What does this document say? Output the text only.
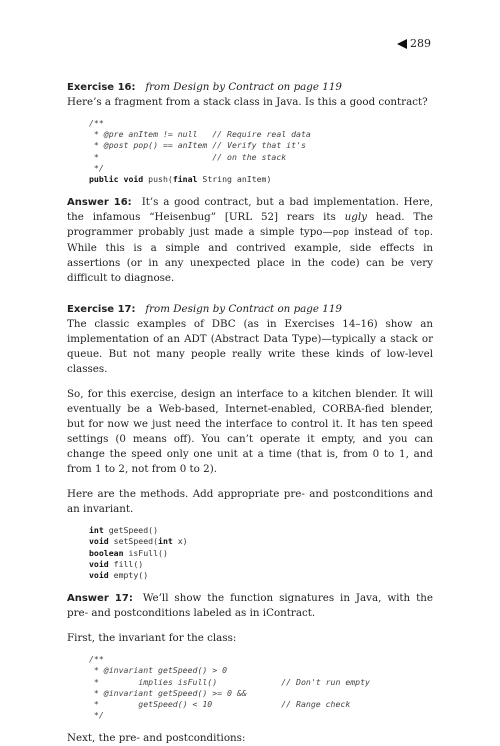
289

Exercise 16: from Design by Contract on page 119

Here’s a fragment from a stack class in Java. Is this a good contract?

/**
* @pre anItem != null   // Require real data
* @post pop() == anItem // Verify that it's
*                       // on the stack
*/
public void push(final String anItem)

Answer 16: It’s a good contract, but a bad implementation. Here, the infamous “Heisenbug” [URL 52] rears its ugly head. The programmer probably just made a simple typo—pop instead of top. While this is a simple and contrived example, side effects in assertions (or in any unexpected place in the code) can be very difficult to diagnose.

Exercise 17: from Design by Contract on page 119

The classic examples of DBC (as in Exercises 14–16) show an implementation of an ADT (Abstract Data Type)—typically a stack or queue. But not many people really write these kinds of low-level classes.

So, for this exercise, design an interface to a kitchen blender. It will eventually be a Web-based, Internet-enabled, CORBA-fied blender, but for now we just need the interface to control it. It has ten speed settings (0 means off). You can’t operate it empty, and you can change the speed only one unit at a time (that is, from 0 to 1, and from 1 to 2, not from 0 to 2).

Here are the methods. Add appropriate pre- and postconditions and an invariant.

int getSpeed()
void setSpeed(int x)
boolean isFull()
void fill()
void empty()

Answer 17: We’ll show the function signatures in Java, with the pre- and postconditions labeled as in iContract.

First, the invariant for the class:

/**
* @invariant getSpeed() > 0
*        implies isFull()             // Don't run empty
* @invariant getSpeed() >= 0 &&
*        getSpeed() < 10              // Range check
*/

Next, the pre- and postconditions:
